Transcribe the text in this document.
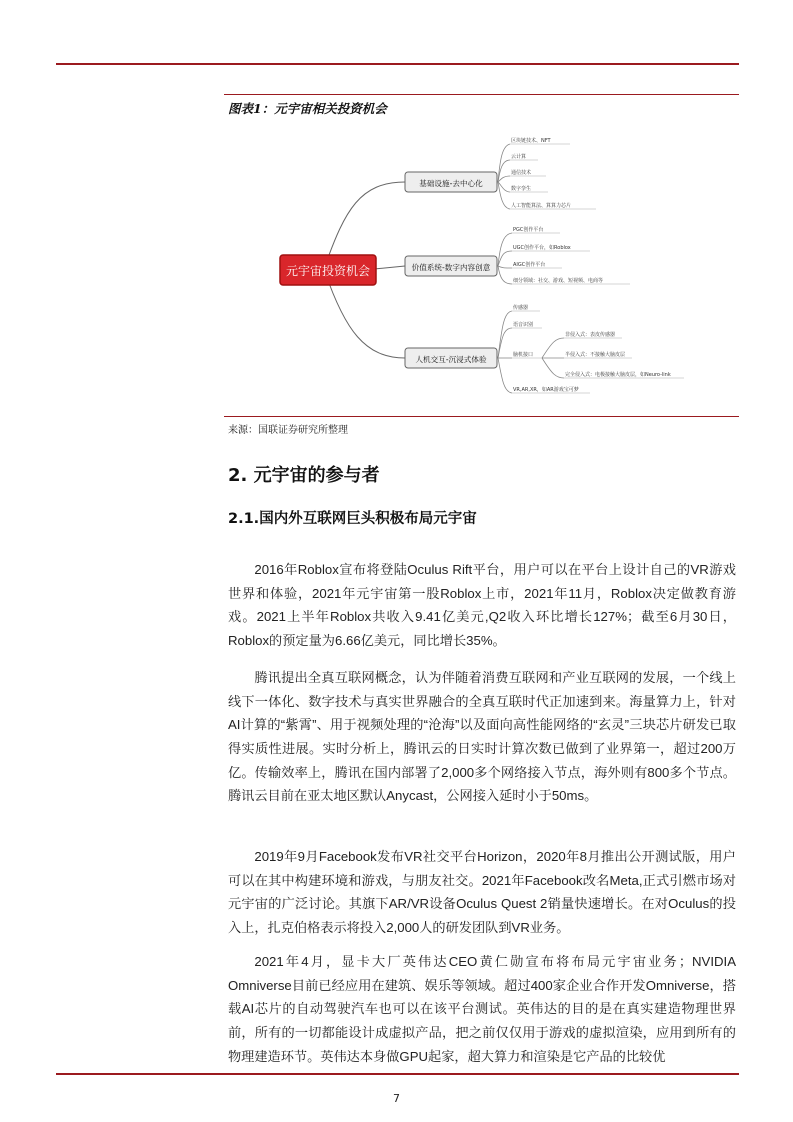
图表1：元宇宙相关投资机会
元宇宙投资机会
基础设施-去中心化
价值系统-数字内容创意
人机交互-沉浸式体验
区块链技术、NFT
云计算
通信技术
数字孪生
人工智能算法、算算力芯片
PGC创作平台
UGC创作平台，如Roblox
AIGC创作平台
细分领域：社交、游戏、短视频、电商等
传感器
语音识别
脑机接口
VR,AR,XR，如AR游戏宝可梦
非侵入式：表皮传感器
半侵入式：不接触大脑皮层
完全侵入式：电极接触大脑皮层，如Neuro-link
来源：国联证券研究所整理
2. 元宇宙的参与者
2.1.国内外互联网巨头积极布局元宇宙

2016年Roblox宣布将登陆Oculus Rift平台，用户可以在平台上设计自己的VR游戏世界和体验，2021年元宇宙第一股Roblox上市，2021年11月，Roblox决定做教育游戏。2021上半年Roblox共收入9.41亿美元,Q2收入环比增长127%；截至6月30日，Roblox的预定量为6.66亿美元，同比增长35%。

腾讯提出全真互联网概念，认为伴随着消费互联网和产业互联网的发展，一个线上线下一体化、数字技术与真实世界融合的全真互联时代正加速到来。海量算力上，针对AI计算的“紫霄”、用于视频处理的“沧海”以及面向高性能网络的“玄灵”三块芯片研发已取得实质性进展。实时分析上，腾讯云的日实时计算次数已做到了业界第一，超过200万亿。传输效率上，腾讯在国内部署了2,000多个网络接入节点，海外则有800多个节点。腾讯云目前在亚太地区默认Anycast，公网接入延时小于50ms。

2019年9月Facebook发布VR社交平台Horizon，2020年8月推出公开测试版，用户可以在其中构建环境和游戏，与朋友社交。2021年Facebook改名Meta,正式引燃市场对元宇宙的广泛讨论。其旗下AR/VR设备Oculus Quest 2销量快速增长。在对Oculus的投入上，扎克伯格表示将投入2,000人的研发团队到VR业务。

2021年4月，显卡大厂英伟达CEO黄仁勋宣布将布局元宇宙业务；NVIDIA Omniverse目前已经应用在建筑、娱乐等领域。超过400家企业合作开发Omniverse，搭载AI芯片的自动驾驶汽车也可以在该平台测试。英伟达的目的是在真实建造物理世界前，所有的一切都能设计成虚拟产品，把之前仅仅用于游戏的虚拟渲染，应用到所有的物理建造环节。英伟达本身做GPU起家，超大算力和渲染是它产品的比较优

7
